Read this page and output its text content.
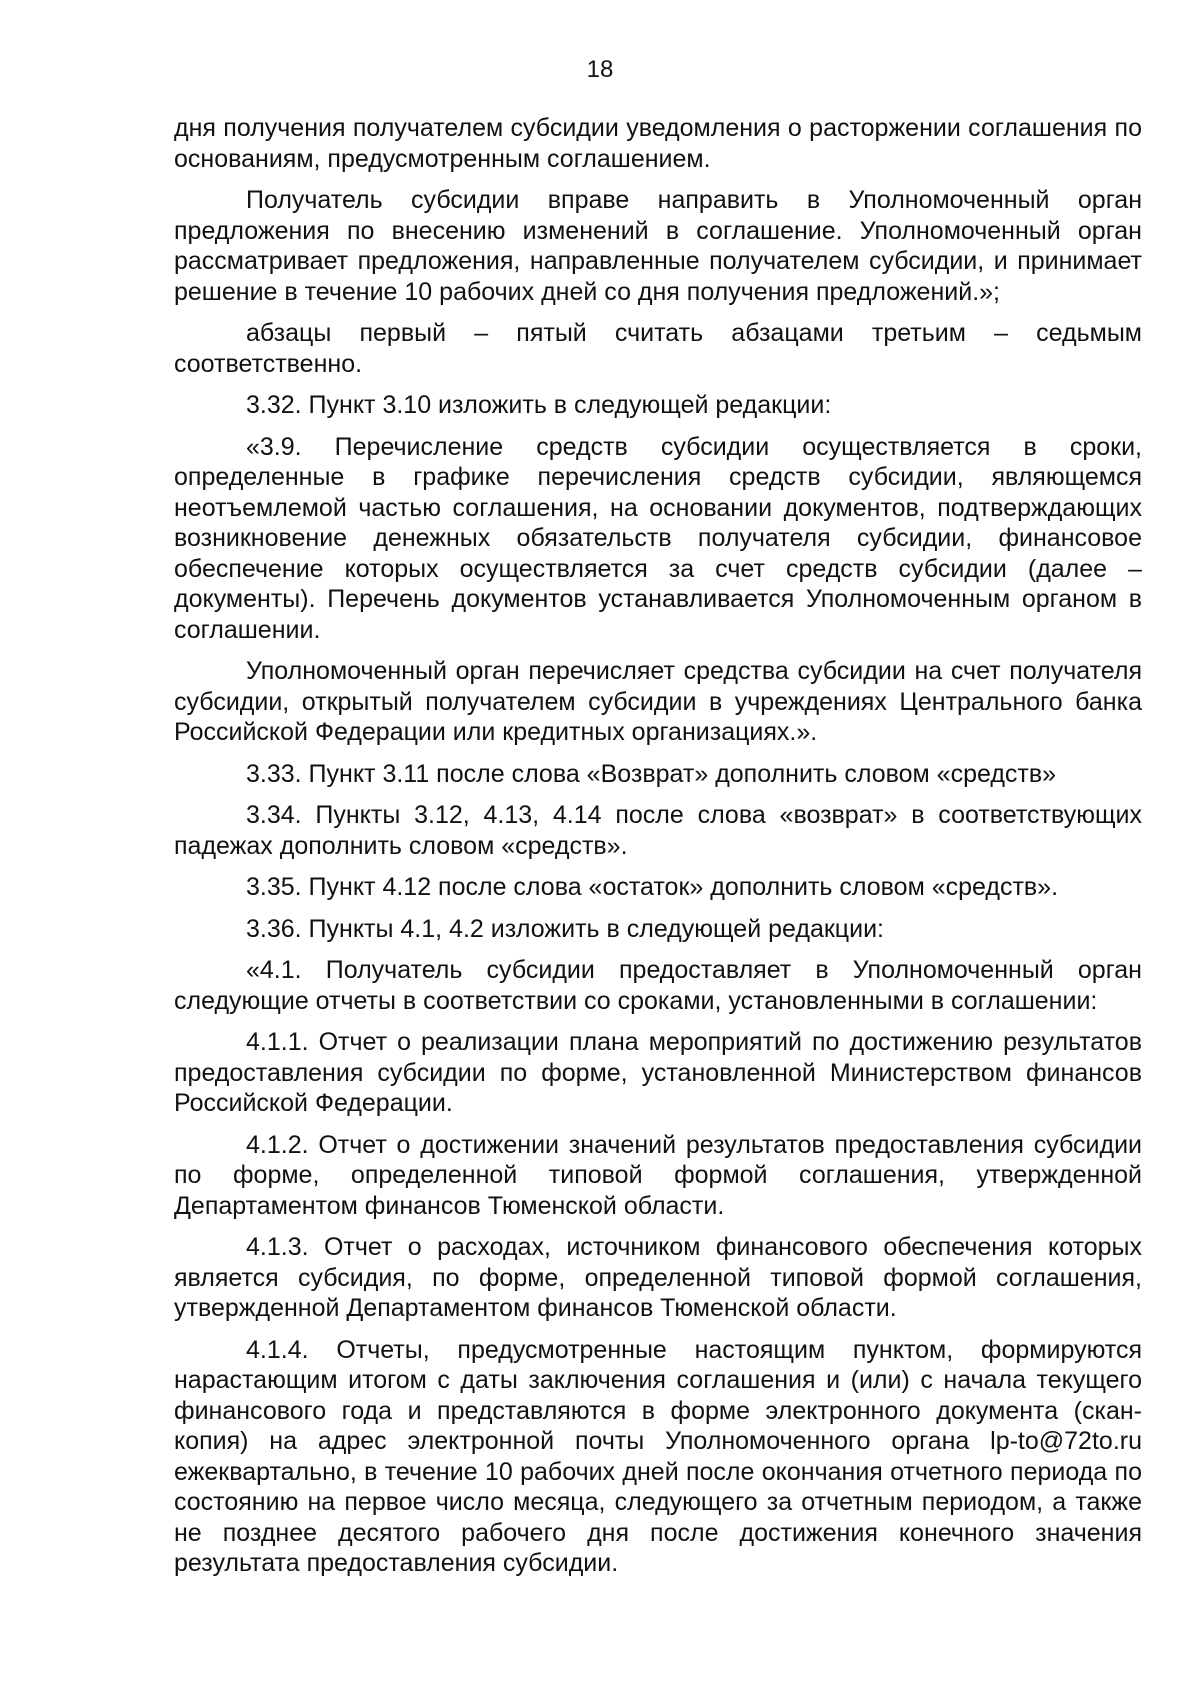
18

дня получения получателем субсидии уведомления о расторжении соглашения по основаниям, предусмотренным соглашением.

Получатель субсидии вправе направить в Уполномоченный орган предложения по внесению изменений в соглашение. Уполномоченный орган рассматривает предложения, направленные получателем субсидии, и принимает решение в течение 10 рабочих дней со дня получения предложений.»;

абзацы первый – пятый считать абзацами третьим – седьмым соответственно.

3.32. Пункт 3.10 изложить в следующей редакции:

«3.9. Перечисление средств субсидии осуществляется в сроки, определенные в графике перечисления средств субсидии, являющемся неотъемлемой частью соглашения, на основании документов, подтверждающих возникновение денежных обязательств получателя субсидии, финансовое обеспечение которых осуществляется за счет средств субсидии (далее – документы). Перечень документов устанавливается Уполномоченным органом в соглашении.

Уполномоченный орган перечисляет средства субсидии на счет получателя субсидии, открытый получателем субсидии в учреждениях Центрального банка Российской Федерации или кредитных организациях.».

3.33. Пункт 3.11 после слова «Возврат» дополнить словом «средств»

3.34. Пункты 3.12, 4.13, 4.14 после слова «возврат» в соответствующих падежах дополнить словом «средств».

3.35. Пункт 4.12 после слова «остаток» дополнить словом «средств».

3.36. Пункты 4.1, 4.2 изложить в следующей редакции:

«4.1. Получатель субсидии предоставляет в Уполномоченный орган следующие отчеты в соответствии со сроками, установленными в соглашении:

4.1.1. Отчет о реализации плана мероприятий по достижению результатов предоставления субсидии по форме, установленной Министерством финансов Российской Федерации.

4.1.2. Отчет о достижении значений результатов предоставления субсидии по форме, определенной типовой формой соглашения, утвержденной Департаментом финансов Тюменской области.

4.1.3. Отчет о расходах, источником финансового обеспечения которых является субсидия, по форме, определенной типовой формой соглашения, утвержденной Департаментом финансов Тюменской области.

4.1.4. Отчеты, предусмотренные настоящим пунктом, формируются нарастающим итогом с даты заключения соглашения и (или) с начала текущего финансового года и представляются в форме электронного документа (скан-копия) на адрес электронной почты Уполномоченного органа lp-to@72to.ru ежеквартально, в течение 10 рабочих дней после окончания отчетного периода по состоянию на первое число месяца, следующего за отчетным периодом, а также не позднее десятого рабочего дня после достижения конечного значения результата предоставления субсидии.
